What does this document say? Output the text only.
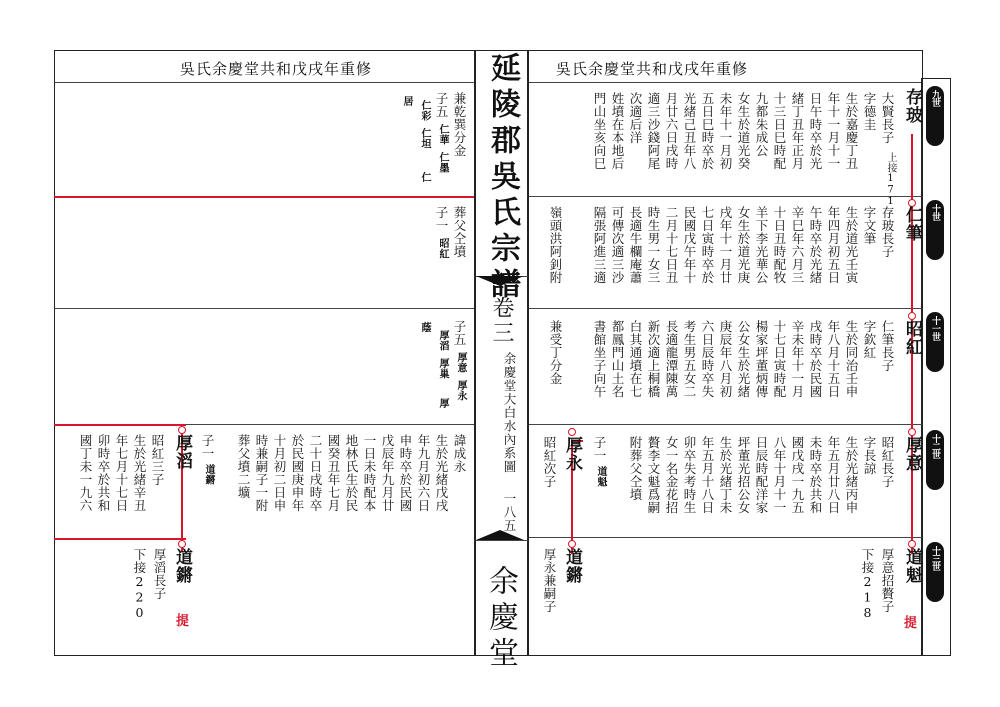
吳氏余慶堂共和戊戌年重修
九世
十世
十一世
十二世
十三世
存玻
大賢長子
上接171
字德圭
生於嘉慶丁丑
年十一月十一
日午時卒於光
緒丁丑年正月
十三日巳時配
九都朱成公
女生於道光癸
未年十一月初
五日巳時卒於
光緒己丑年八
月廿六日戌時
適三沙錢阿尾
次適后洋
姓墳在本地后
門山坐亥向巳
仁筆
存玻長子
字文筆
生於道光壬寅
年四月初五日
午時卒於光緒
辛巳年六月三
十日丑時配牧
羊下李光華公
女生於道光庚
戌年十一月廿
七日寅時卒於
民國戊午年十
二月十七日丑
時生男一女三
長適牛欄庵蕭
可傳次適三沙
隔張阿進三適
嶺頭洪阿釗附
昭紅
仁筆長子
字欽紅
生於同治壬申
年八月十五日
戌時卒於民國
辛未年十一月
十七日寅時配
楊家坪董炳傳
公女生於光緒
庚辰年八月初
六日辰時卒失
考生男五女二
長適龍潭陳萬
新次適上桐橋
白其通墳在七
都鳳門山土名
書館坐子向午
兼受丁分金
厚意
昭紅長子
字長諒
生於光緒丙申
年五月廿八日
未時卒於共和
國戊戌一九五
八年十月十一
日辰時配洋家
坪董光招公女
生於光緒丁未
年五月十八日
卯卒失考時生
女一名金花招
贅李文魁爲嗣
附葬父仝墳
子一
道魁
厚永
昭紅次子
道魁
厚意招贅子
下接218
提
道鏘
厚永兼嗣子
延陵郡吳氏宗譜
卷三
余慶堂大白水內系圖
一八五
余慶堂
吳氏余慶堂共和戊戌年重修
兼乾巽分金
子五
仁華
仁墨
仁彩
仁坦
仁
居
葬父仝墳
子一
昭紅
子五
厚意
厚永
厚滔
厚巢
厚
蔭
厚滔
昭紅三子	諱成永
生於光緒戊戌
年九月初六日
申時卒於民國
戊辰年九月廿
一日未時配本
地林氏生於民
國癸丑年七月
二十日戌時卒
於民國庚申年
十月初二日申
時兼嗣子一附
葬父墳二壙
子一
道鏘
生於光緒辛丑
年七月十七日
卯時卒於共和
國丁未一九六
道鏘
厚滔長子
下接220
提
